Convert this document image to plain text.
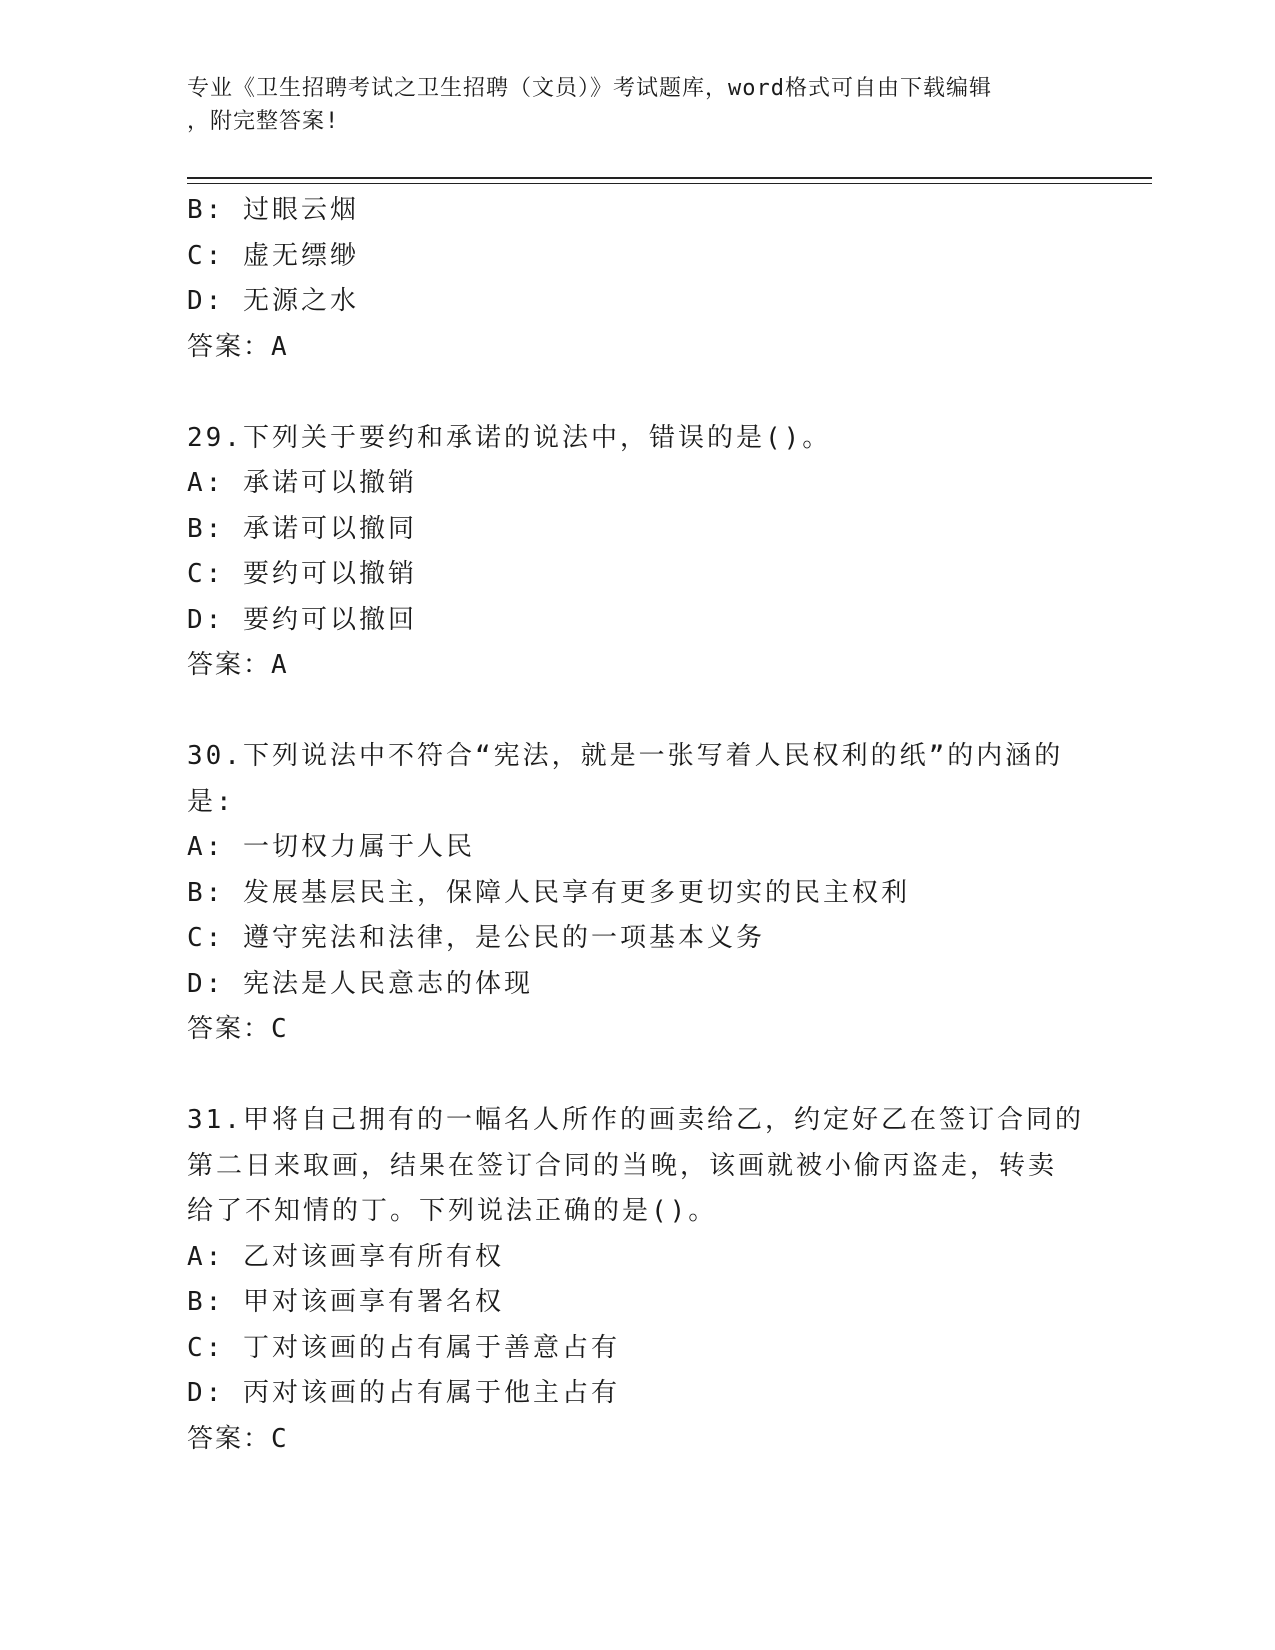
专业《卫生招聘考试之卫生招聘（文员）》考试题库，word格式可自由下载编辑
，附完整答案!
B: 过眼云烟
C: 虚无缥缈
D: 无源之水
答案：A
29.下列关于要约和承诺的说法中，错误的是()。
A: 承诺可以撤销
B: 承诺可以撤同
C: 要约可以撤销
D: 要约可以撤回
答案：A
30.下列说法中不符合“宪法，就是一张写着人民权利的纸”的内涵的
是:
A: 一切权力属于人民
B: 发展基层民主，保障人民享有更多更切实的民主权利
C: 遵守宪法和法律，是公民的一项基本义务
D: 宪法是人民意志的体现
答案：C
31.甲将自己拥有的一幅名人所作的画卖给乙，约定好乙在签订合同的
第二日来取画，结果在签订合同的当晚，该画就被小偷丙盗走，转卖
给了不知情的丁。下列说法正确的是()。
A: 乙对该画享有所有权
B: 甲对该画享有署名权
C: 丁对该画的占有属于善意占有
D: 丙对该画的占有属于他主占有
答案：C
